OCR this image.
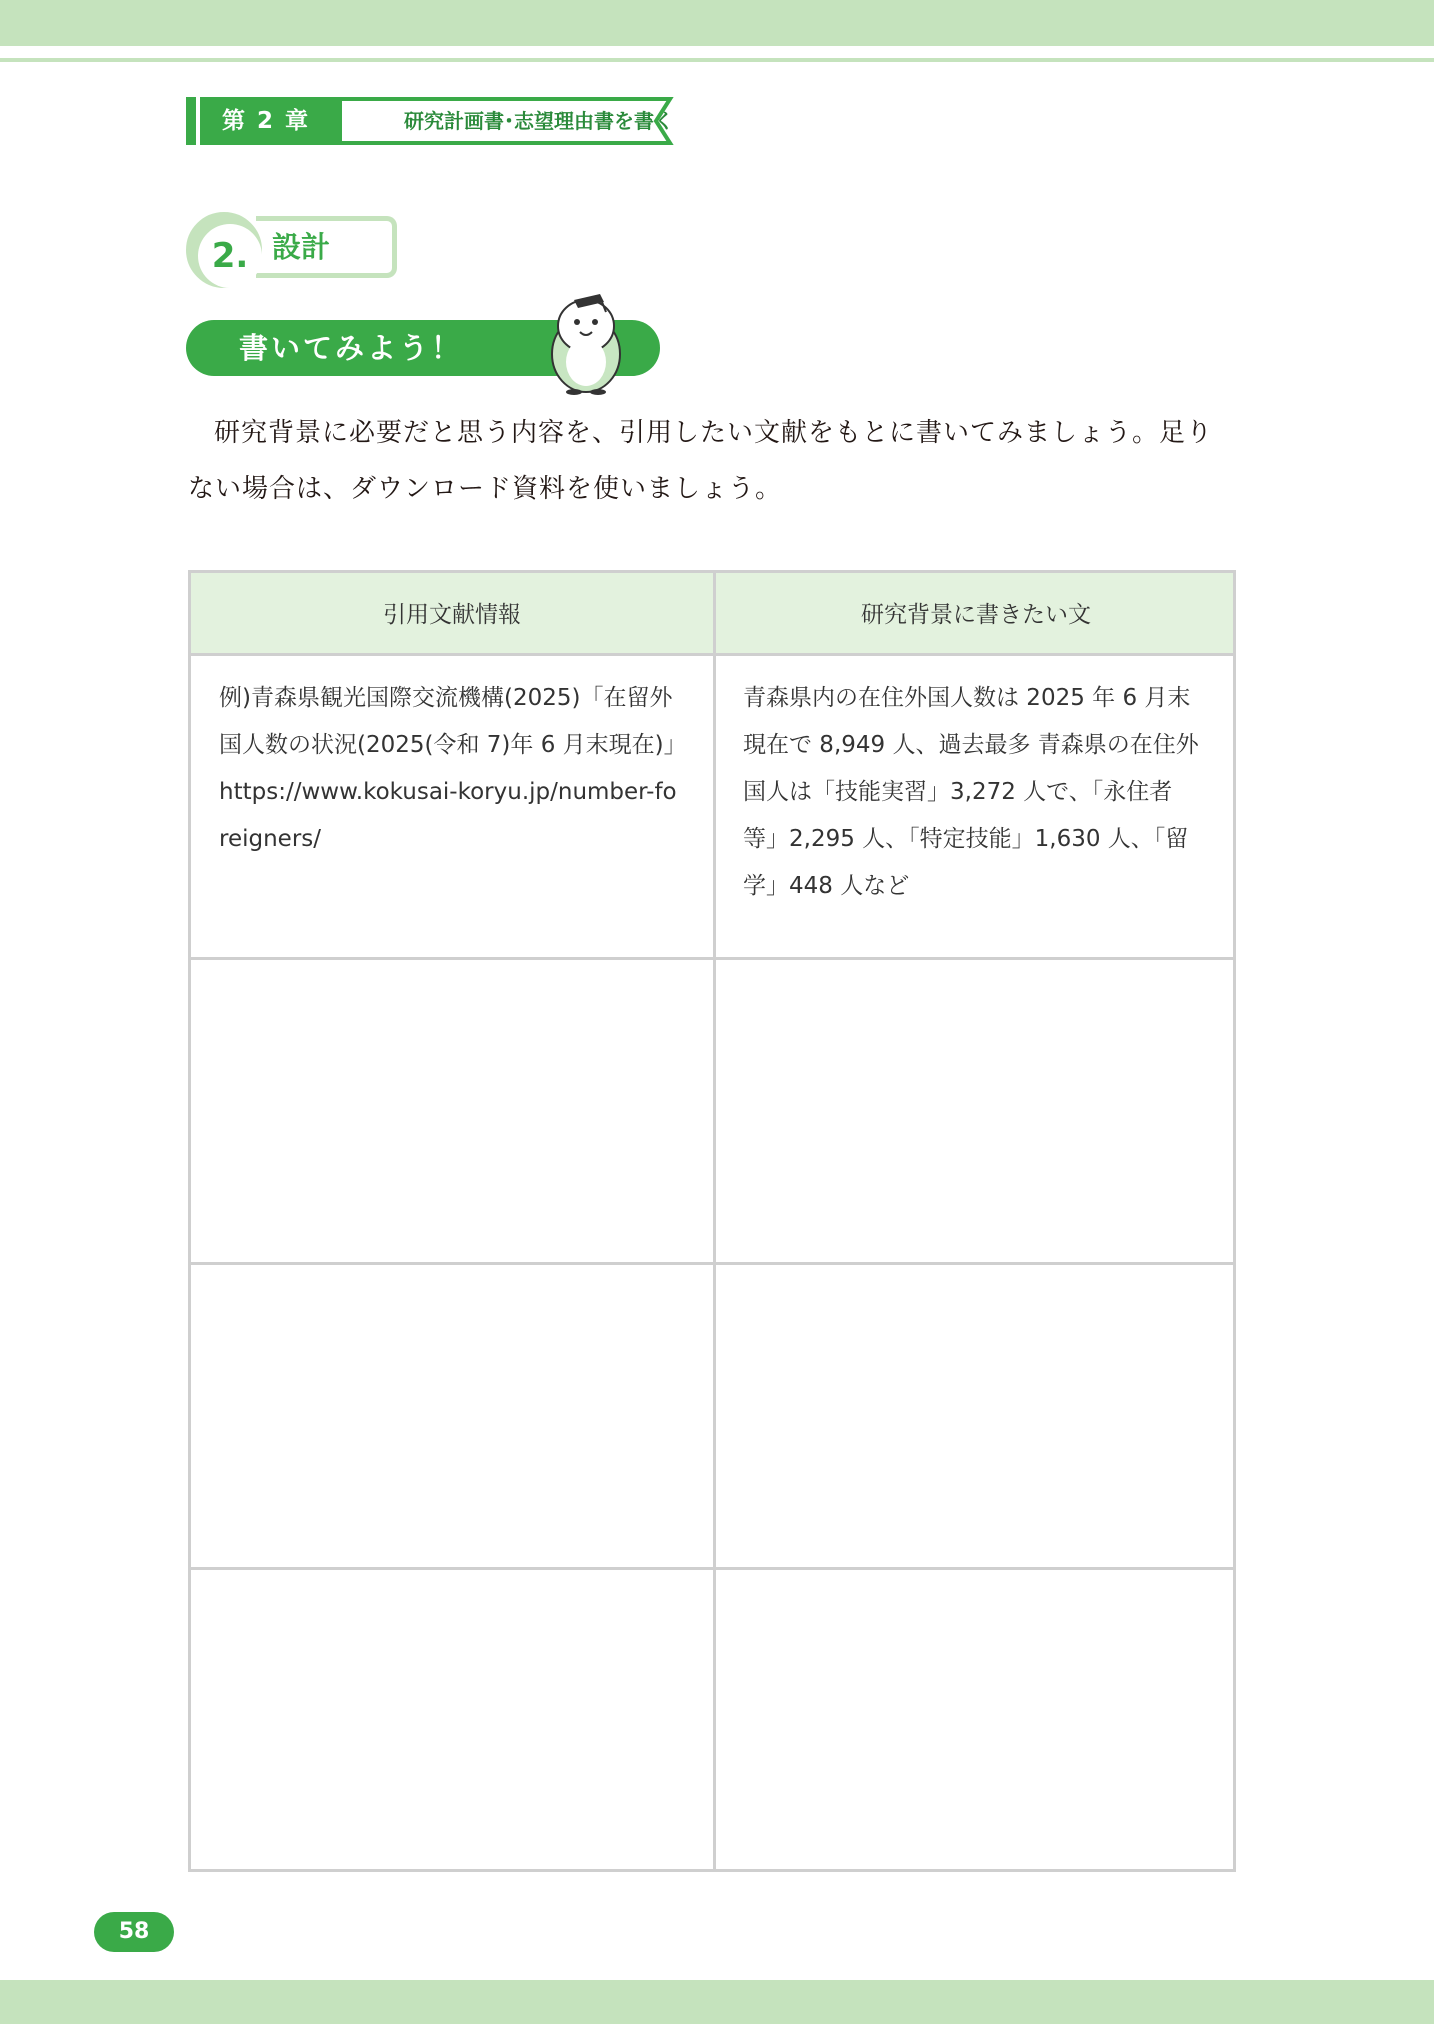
第 2 章	研究計画書･志望理由書を書く
設計
2.
書いてみよう！
研究背景に必要だと思う内容を、引用したい文献をもとに書いてみましょう。足り
ない場合は、ダウンロード資料を使いましょう。
引用文献情報	研究背景に書きたい文
例)青森県観光国際交流機構(2025)「在留外国人数の状況(2025(令和 7)年 6 月末現在)」https://www.kokusai-koryu.jp/number-foreigners/
青森県内の在住外国人数は 2025 年 6 月末現在で 8,949 人、過去最多 青森県の在住外国人は「技能実習」3,272 人で、「永住者等」2,295 人、「特定技能」1,630 人、「留学」448 人など
58
